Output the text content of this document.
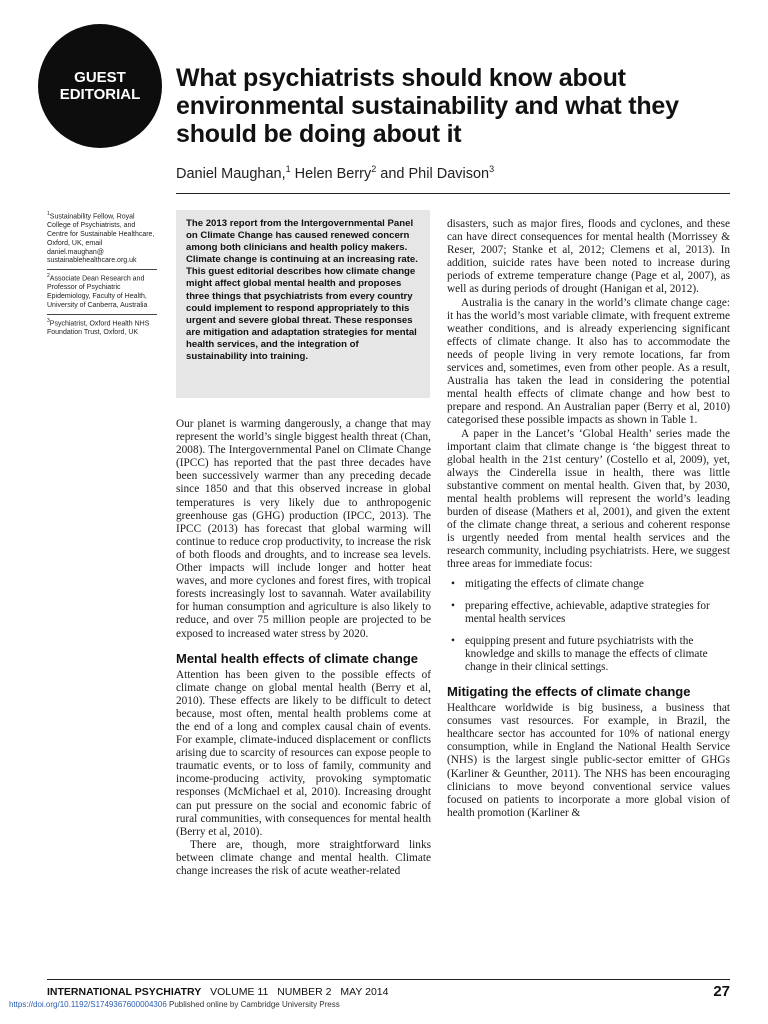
GUEST
EDITORIAL
What psychiatrists should know about environmental sustainability and what they should be doing about it
Daniel Maughan,$^1$ Helen Berry$^2$ and Phil Davison$^3$
$^1$Sustainability Fellow, Royal College of Psychiatrists, and Centre for Sustainable Healthcare, Oxford, UK, email daniel.maughan@ sustainablehealthcare.org.uk
$^2$Associate Dean Research and Professor of Psychiatric Epidemiology, Faculty of Health, University of Canberra, Australia
$^3$Psychiatrist, Oxford Health NHS Foundation Trust, Oxford, UK
The 2013 report from the Intergovernmental Panel on Climate Change has caused renewed concern among both clinicians and health policy makers. Climate change is continuing at an increasing rate. This guest editorial describes how climate change might affect global mental health and proposes three things that psychiatrists from every country could implement to respond appropriately to this urgent and severe global threat. These responses are mitigation and adaptation strategies for mental health services, and the integration of sustainability into training.

Our planet is warming dangerously, a change that may represent the world’s single biggest health threat (Chan, 2008). The Intergovernmental Panel on Climate Change (IPCC) has reported that the past three decades have been successively warmer than any preceding decade since 1850 and that this observed increase in global temperatures is very likely due to anthropogenic greenhouse gas (GHG) production (IPCC, 2013). The IPCC (2013) has forecast that global warming will continue to reduce crop productivity, to increase the risk of both floods and droughts, and to increase sea levels. Other impacts will include longer and hotter heat waves, and more cyclones and forest fires, with tropical forests increasingly lost to savannah. Water availability for human consumption and agriculture is also likely to reduce, and over 75 million people are projected to be exposed to increased water stress by 2020.

Mental health effects of climate change

Attention has been given to the possible effects of climate change on global mental health (Berry et al, 2010). These effects are likely to be difficult to detect because, most often, mental health problems come at the end of a long and complex causal chain of events. For example, climate-induced displacement or conflicts arising due to scarcity of resources can expose people to traumatic events, or to loss of family, community and income-producing activity, provoking symptomatic responses (McMichael et al, 2010). Increasing drought can put pressure on the social and economic fabric of rural communities, with consequences for mental health (Berry et al, 2010).

There are, though, more straightforward links between climate change and mental health. Climate change increases the risk of acute weather-related

disasters, such as major fires, floods and cyclones, and these can have direct consequences for mental health (Morrissey & Reser, 2007; Stanke et al, 2012; Clemens et al, 2013). In addition, suicide rates have been noted to increase during periods of extreme temperature change (Page et al, 2007), as well as during periods of drought (Hanigan et al, 2012).

Australia is the canary in the world’s climate change cage: it has the world’s most variable climate, with frequent extreme weather conditions, and is already experiencing significant effects of climate change. It also has to accommodate the needs of people living in very remote locations, far from services and, sometimes, even from other people. As a result, Australia has taken the lead in considering the potential mental health effects of climate change and how best to prepare and respond. An Australian paper (Berry et al, 2010) categorised these possible impacts as shown in Table 1.

A paper in the Lancet’s ‘Global Health’ series made the important claim that climate change is ‘the biggest threat to global health in the 21st century’ (Costello et al, 2009), yet, always the Cinderella issue in health, there was little substantive comment on mental health. Given that, by 2030, mental health problems will represent the world’s leading burden of disease (Mathers et al, 2001), and given the extent of the climate change threat, a serious and coherent response is urgently needed from mental health services and the research community, including psychiatrists. Here, we suggest three areas for immediate focus:

• mitigating the effects of climate change
• preparing effective, achievable, adaptive strategies for mental health services
• equipping present and future psychiatrists with the knowledge and skills to manage the effects of climate change in their clinical settings.
Mitigating the effects of climate change

Healthcare worldwide is big business, a business that consumes vast resources. For example, in Brazil, the healthcare sector has accounted for 10% of national energy consumption, while in England the National Health Service (NHS) is the largest single public-sector emitter of GHGs (Karliner & Geunther, 2011). The NHS has been encouraging clinicians to move beyond conventional service values focused on patients to incorporate a more global vision of health promotion (Karliner &

INTERNATIONAL PSYCHIATRY VOLUME 11 NUMBER 2 MAY 2014	27
https://doi.org/10.1192/S1749367600004306 Published online by Cambridge University Press
